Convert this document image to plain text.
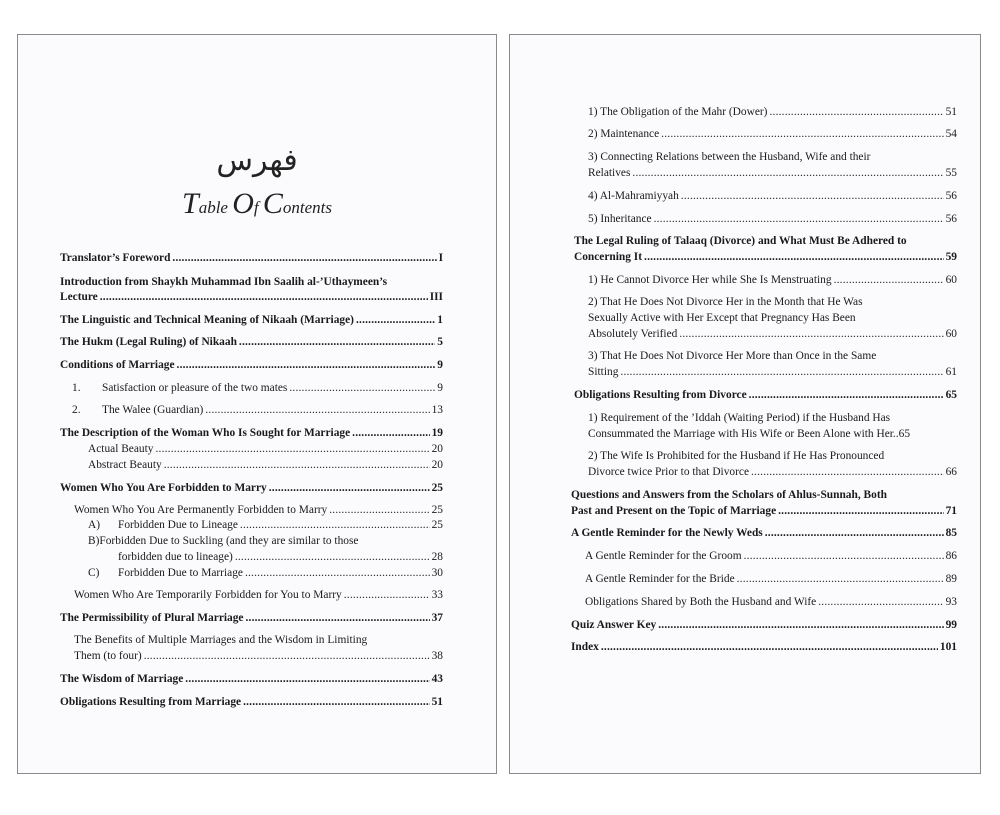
فهرس
Table Of Contents
Translator’s Foreword .....	I
Introduction from Shaykh Muhammad Ibn Saalih al-’Uthaymeen’s
Lecture .....	III
The Linguistic and Technical Meaning of Nikaah (Marriage) .....	1
The Hukm (Legal Ruling) of Nikaah .....	5
Conditions of Marriage .....	9
1. Satisfaction or pleasure of the two mates .....	9
2. The Walee (Guardian) .....	13
The Description of the Woman Who Is Sought for Marriage .....	19
Actual Beauty .....	20
Abstract Beauty .....	20
Women Who You Are Forbidden to Marry .....	25
Women Who You Are Permanently Forbidden to Marry .....	25
A) Forbidden Due to Lineage .....	25
B)Forbidden Due to Suckling (and they are similar to those
forbidden due to lineage) .....	28
C) Forbidden Due to Marriage .....	30
Women Who Are Temporarily Forbidden for You to Marry .....	33
The Permissibility of Plural Marriage .....	37
The Benefits of Multiple Marriages and the Wisdom in Limiting
Them (to four) .....	38
The Wisdom of Marriage .....	43
Obligations Resulting from Marriage .....	51
1) The Obligation of the Mahr (Dower) .....	51
2) Maintenance .....	54
3) Connecting Relations between the Husband, Wife and their
Relatives .....	55
4) Al-Mahramiyyah .....	56
5) Inheritance .....	56
The Legal Ruling of Talaaq (Divorce) and What Must Be Adhered to
Concerning It .....	59
1) He Cannot Divorce Her while She Is Menstruating .....	60
2) That He Does Not Divorce Her in the Month that He Was
Sexually Active with Her Except that Pregnancy Has Been
Absolutely Verified .....	60
3) That He Does Not Divorce Her More than Once in the Same
Sitting .....	61
Obligations Resulting from Divorce .....	65
1) Requirement of the ’Iddah (Waiting Period) if the Husband Has
Consummated the Marriage with His Wife or Been Alone with Her.. 65
2) The Wife Is Prohibited for the Husband if He Has Pronounced
Divorce twice Prior to that Divorce .....	66
Questions and Answers from the Scholars of Ahlus-Sunnah, Both
Past and Present on the Topic of Marriage .....	71
A Gentle Reminder for the Newly Weds .....	85
A Gentle Reminder for the Groom .....	86
A Gentle Reminder for the Bride .....	89
Obligations Shared by Both the Husband and Wife .....	93
Quiz Answer Key .....	99
Index .....	101
